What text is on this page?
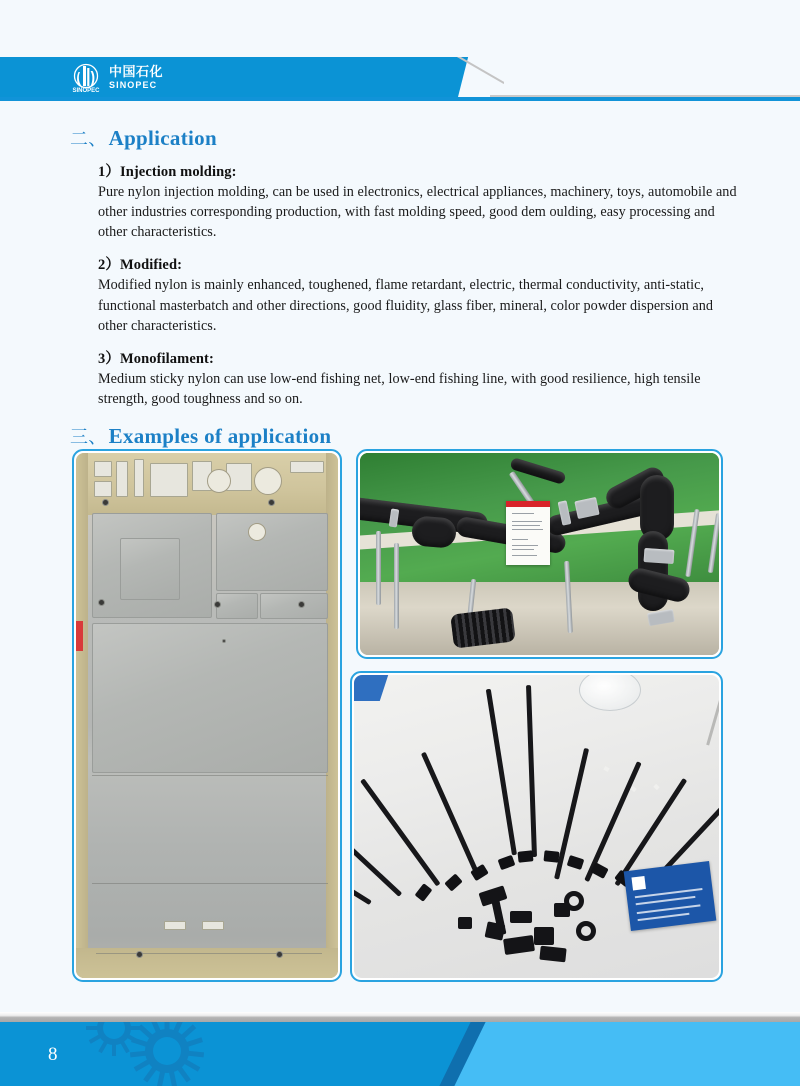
SINOPEC
中国石化
SINOPEC
二、 Application
1）Injection molding:
Pure nylon injection molding, can be used in electronics, electrical appliances, machinery, toys, automobile and other industries corresponding production, with fast molding speed, good dem oulding, easy processing and other characteristics.
2）Modified:
Modified nylon is mainly enhanced, toughened, flame retardant, electric, thermal conductivity, anti-static, functional masterbatch and other directions, good fluidity, glass fiber, mineral, color powder dispersion and other characteristics.
3）Monofilament:
Medium sticky nylon can use low-end fishing net, low-end fishing line, with good resilience, high tensile strength, good toughness and so on.
三、 Examples of application
8
